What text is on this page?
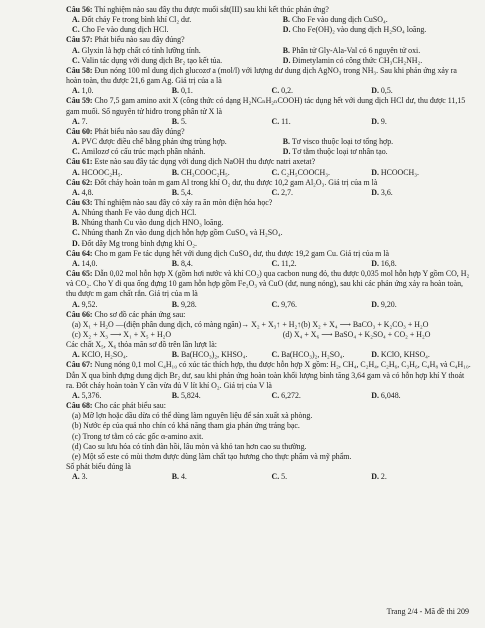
Câu 56: Thí nghiệm nào sau đây thu được muối sắt(III) sau khi kết thúc phản ứng?
A. Đốt cháy Fe trong bình khí Cl₂ dư.	B. Cho Fe vào dung dịch CuSO₄.
C. Cho Fe vào dung dịch HCl.	D. Cho Fe(OH)₂ vào dung dịch H₂SO₄ loãng.
Câu 57: Phát biểu nào sau đây đúng?
A. Glyxin là hợp chất có tính lưỡng tính.	B. Phân tử Gly-Ala-Val có 6 nguyên tử oxi.
C. Valin tác dụng với dung dịch Br₂ tạo kết tủa.	D. Đimetylamin có công thức CH₃CH₂NH₂.
Câu 58: Đun nóng 100 ml dung dịch glucozơ a (mol/l) với lượng dư dung dịch AgNO₃ trong NH₃. Sau khi phản ứng xảy ra hoàn toàn, thu được 21,6 gam Ag. Giá trị của a là
A. 1,0.	B. 0,1.	C. 0,2.	D. 0,5.
Câu 59: Cho 7,5 gam amino axit X (công thức có dạng H₂NCₙH₂ₙCOOH) tác dụng hết với dung dịch HCl dư, thu được 11,15 gam muối. Số nguyên tử hiđro trong phân tử X là
A. 7.	B. 5.	C. 11.	D. 9.
Câu 60: Phát biểu nào sau đây đúng?
A. PVC được điều chế bằng phản ứng trùng hợp.	B. Tơ visco thuộc loại tơ tổng hợp.
C. Amilozơ có cấu trúc mạch phân nhánh.	D. Tơ tằm thuộc loại tơ nhân tạo.
Câu 61: Este nào sau đây tác dụng với dung dịch NaOH thu được natri axetat?
A. HCOOC₂H₅.	B. CH₃COOC₂H₅.	C. C₂H₅COOCH₃.	D. HCOOCH₃.
Câu 62: Đốt cháy hoàn toàn m gam Al trong khí O₂ dư, thu được 10,2 gam Al₂O₃. Giá trị của m là
A. 4,8.	B. 5,4.	C. 2,7.	D. 3,6.
Câu 63: Thí nghiệm nào sau đây có xảy ra ăn mòn điện hóa học?
A. Nhúng thanh Fe vào dung dịch HCl.
B. Nhúng thanh Cu vào dung dịch HNO₃ loãng.
C. Nhúng thanh Zn vào dung dịch hỗn hợp gồm CuSO₄ và H₂SO₄.
D. Đốt dây Mg trong bình đựng khí O₂.
Câu 64: Cho m gam Fe tác dụng hết với dung dịch CuSO₄ dư, thu được 19,2 gam Cu. Giá trị của m là
A. 14,0.	B. 8,4.	C. 11,2.	D. 16,8.
Câu 65: Dẫn 0,02 mol hỗn hợp X (gồm hơi nước và khí CO₂) qua cacbon nung đỏ, thu được 0,035 mol hỗn hợp Y gồm CO, H₂ và CO₂. Cho Y đi qua ống đựng 10 gam hỗn hợp gồm Fe₂O₃ và CuO (dư, nung nóng), sau khi các phản ứng xảy ra hoàn toàn, thu được m gam chất rắn. Giá trị của m là
A. 9,52.	B. 9,28.	C. 9,76.	D. 9,20.
Câu 66: Cho sơ đồ các phản ứng sau:
(a) X₁ + H₂O —(điện phân dung dịch, có màng ngăn)→ X₂ + X₃↑ + H₂↑ (b) X₂ + X₄ ⟶ BaCO₃ + K₂CO₃ + H₂O
(c) X₂ + X₃ ⟶ X₁ + X₅ + H₂O	(d) X₄ + X₆ ⟶ BaSO₄ + K₂SO₄ + CO₂ + H₂O
Các chất X₅, X₆ thỏa mãn sơ đồ trên lần lượt là:
A. KClO, H₂SO₄.	B. Ba(HCO₃)₂, KHSO₄.	C. Ba(HCO₃)₂, H₂SO₄.	D. KClO, KHSO₄.
Câu 67: Nung nóng 0,1 mol C₄H₁₀ có xúc tác thích hợp, thu được hỗn hợp X gồm: H₂, CH₄, C₂H₄, C₂H₆, C₃H₆, C₄H₈ và C₄H₁₀. Dẫn X qua bình đựng dung dịch Br₂ dư, sau khi phản ứng hoàn toàn khối lượng bình tăng 3,64 gam và có hỗn hợp khí Y thoát ra. Đốt cháy hoàn toàn Y cần vừa đủ V lít khí O₂. Giá trị của V là
A. 5,376.	B. 5,824.	C. 6,272.	D. 6,048.
Câu 68: Cho các phát biểu sau:
(a) Mỡ lợn hoặc dầu dừa có thể dùng làm nguyên liệu để sản xuất xà phòng.
(b) Nước ép của quả nho chín có khả năng tham gia phản ứng tráng bạc.
(c) Trong tơ tằm có các gốc α-amino axit.
(d) Cao su lưu hóa có tính đàn hồi, lâu mòn và khó tan hơn cao su thường.
(e) Một số este có mùi thơm được dùng làm chất tạo hương cho thực phẩm và mỹ phẩm.
Số phát biểu đúng là
A. 3.	B. 4.	C. 5.	D. 2.
Trang 2/4 - Mã đề thi 209
